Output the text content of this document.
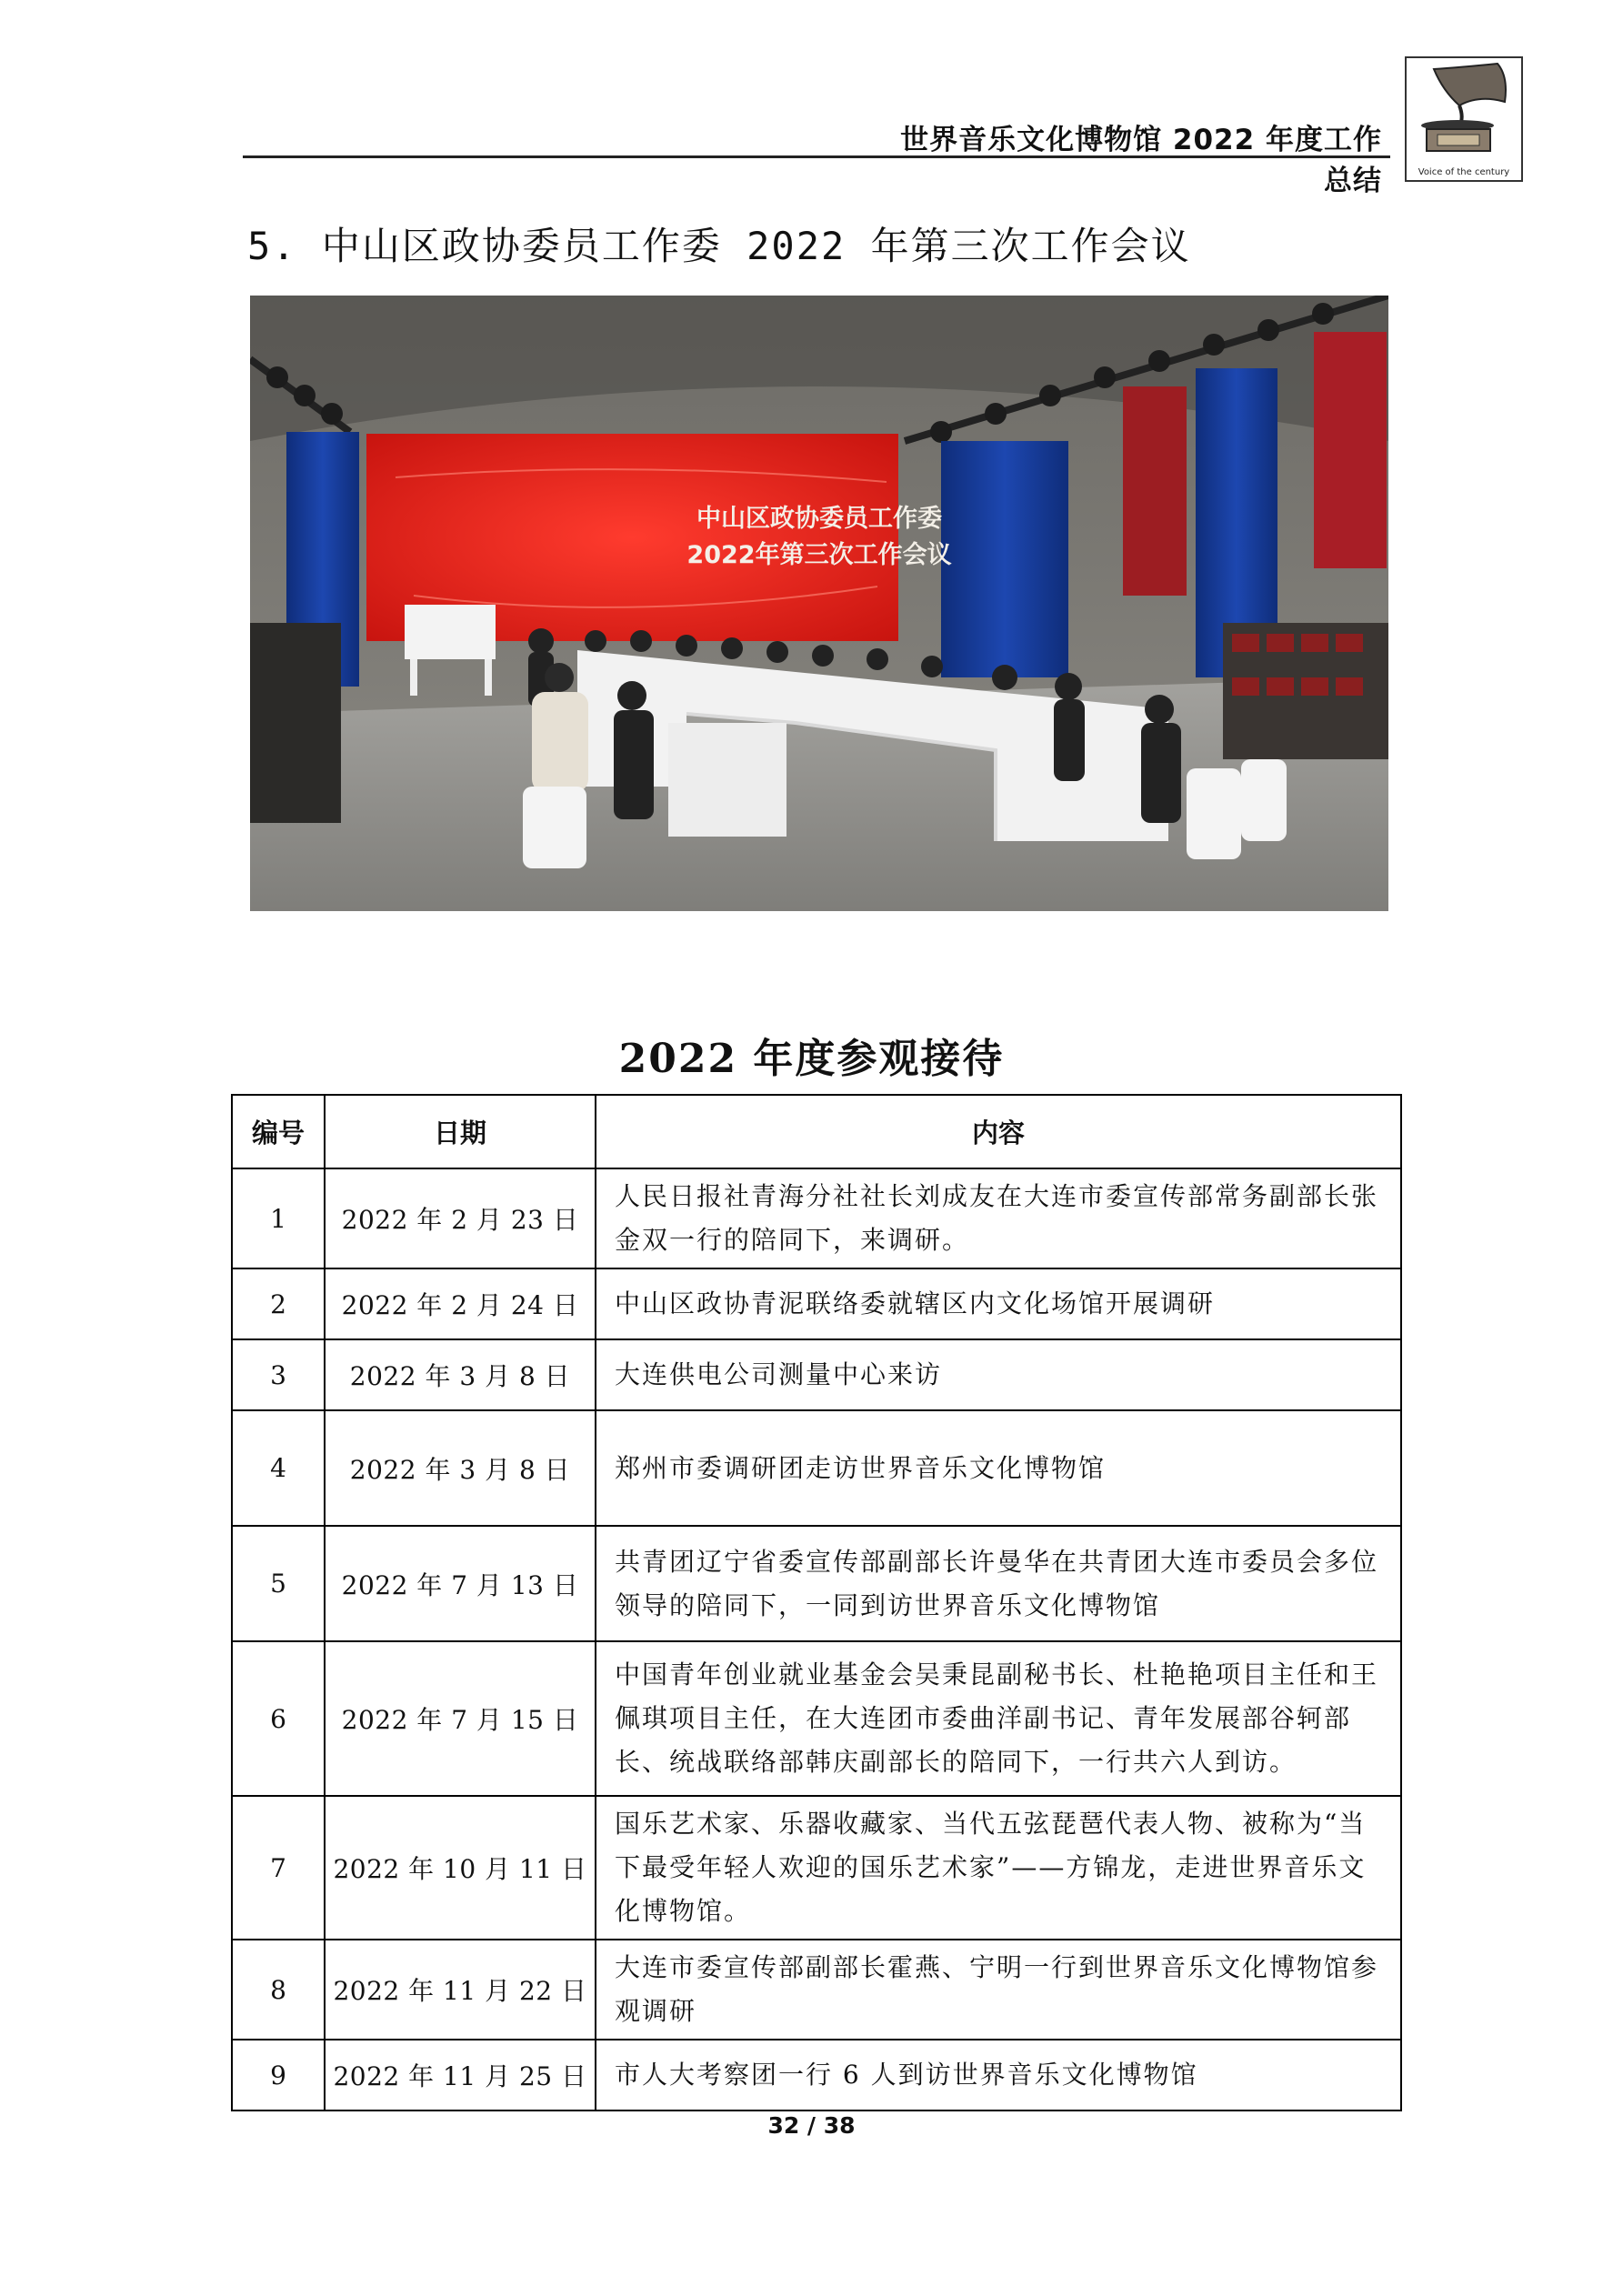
世界音乐文化博物馆 2022 年度工作总结	Voice of the century
5. 中山区政协委员工作委 2022 年第三次工作会议
中山区政协委员工作委
2022年第三次工作会议
2022 年度参观接待
编号	日期	内容
1	2022 年 2 月 23 日	人民日报社青海分社社长刘成友在大连市委宣传部常务副部长张金双一行的陪同下，来调研。
2	2022 年 2 月 24 日	中山区政协青泥联络委就辖区内文化场馆开展调研
3	2022 年 3 月 8 日	大连供电公司测量中心来访
4	2022 年 3 月 8 日	郑州市委调研团走访世界音乐文化博物馆
5	2022 年 7 月 13 日	共青团辽宁省委宣传部副部长许曼华在共青团大连市委员会多位领导的陪同下，一同到访世界音乐文化博物馆
6	2022 年 7 月 15 日	中国青年创业就业基金会吴秉昆副秘书长、杜艳艳项目主任和王佩琪项目主任，在大连团市委曲洋副书记、青年发展部谷轲部长、统战联络部韩庆副部长的陪同下，一行共六人到访。
7	2022 年 10 月 11 日	国乐艺术家、乐器收藏家、当代五弦琵琶代表人物、被称为“当下最受年轻人欢迎的国乐艺术家”——方锦龙，走进世界音乐文化博物馆。
8	2022 年 11 月 22 日	大连市委宣传部副部长霍燕、宁明一行到世界音乐文化博物馆参观调研
9	2022 年 11 月 25 日	市人大考察团一行 6 人到访世界音乐文化博物馆
32 / 38
